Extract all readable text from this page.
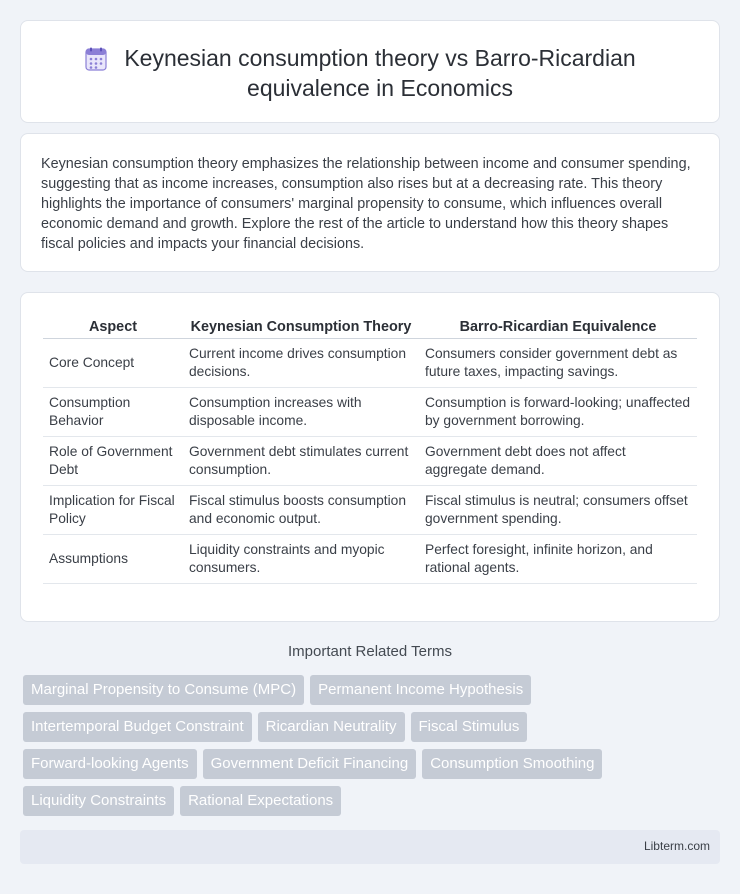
Keynesian consumption theory vs Barro-Ricardian equivalence in Economics

Keynesian consumption theory emphasizes the relationship between income and consumer spending, suggesting that as income increases, consumption also rises but at a decreasing rate. This theory highlights the importance of consumers' marginal propensity to consume, which influences overall economic demand and growth. Explore the rest of the article to understand how this theory shapes fiscal policies and impacts your financial decisions.

Aspect	Keynesian Consumption Theory	Barro-Ricardian Equivalence
Core Concept	Current income drives consumption decisions.	Consumers consider government debt as future taxes, impacting savings.
Consumption Behavior	Consumption increases with disposable income.	Consumption is forward-looking; unaffected by government borrowing.
Role of Government Debt	Government debt stimulates current consumption.	Government debt does not affect aggregate demand.
Implication for Fiscal Policy	Fiscal stimulus boosts consumption and economic output.	Fiscal stimulus is neutral; consumers offset government spending.
Assumptions	Liquidity constraints and myopic consumers.	Perfect foresight, infinite horizon, and rational agents.
Important Related Terms
Marginal Propensity to Consume (MPC)	Permanent Income Hypothesis
Intertemporal Budget Constraint	Ricardian Neutrality	Fiscal Stimulus
Forward-looking Agents	Government Deficit Financing	Consumption Smoothing
Liquidity Constraints	Rational Expectations
Libterm.com
